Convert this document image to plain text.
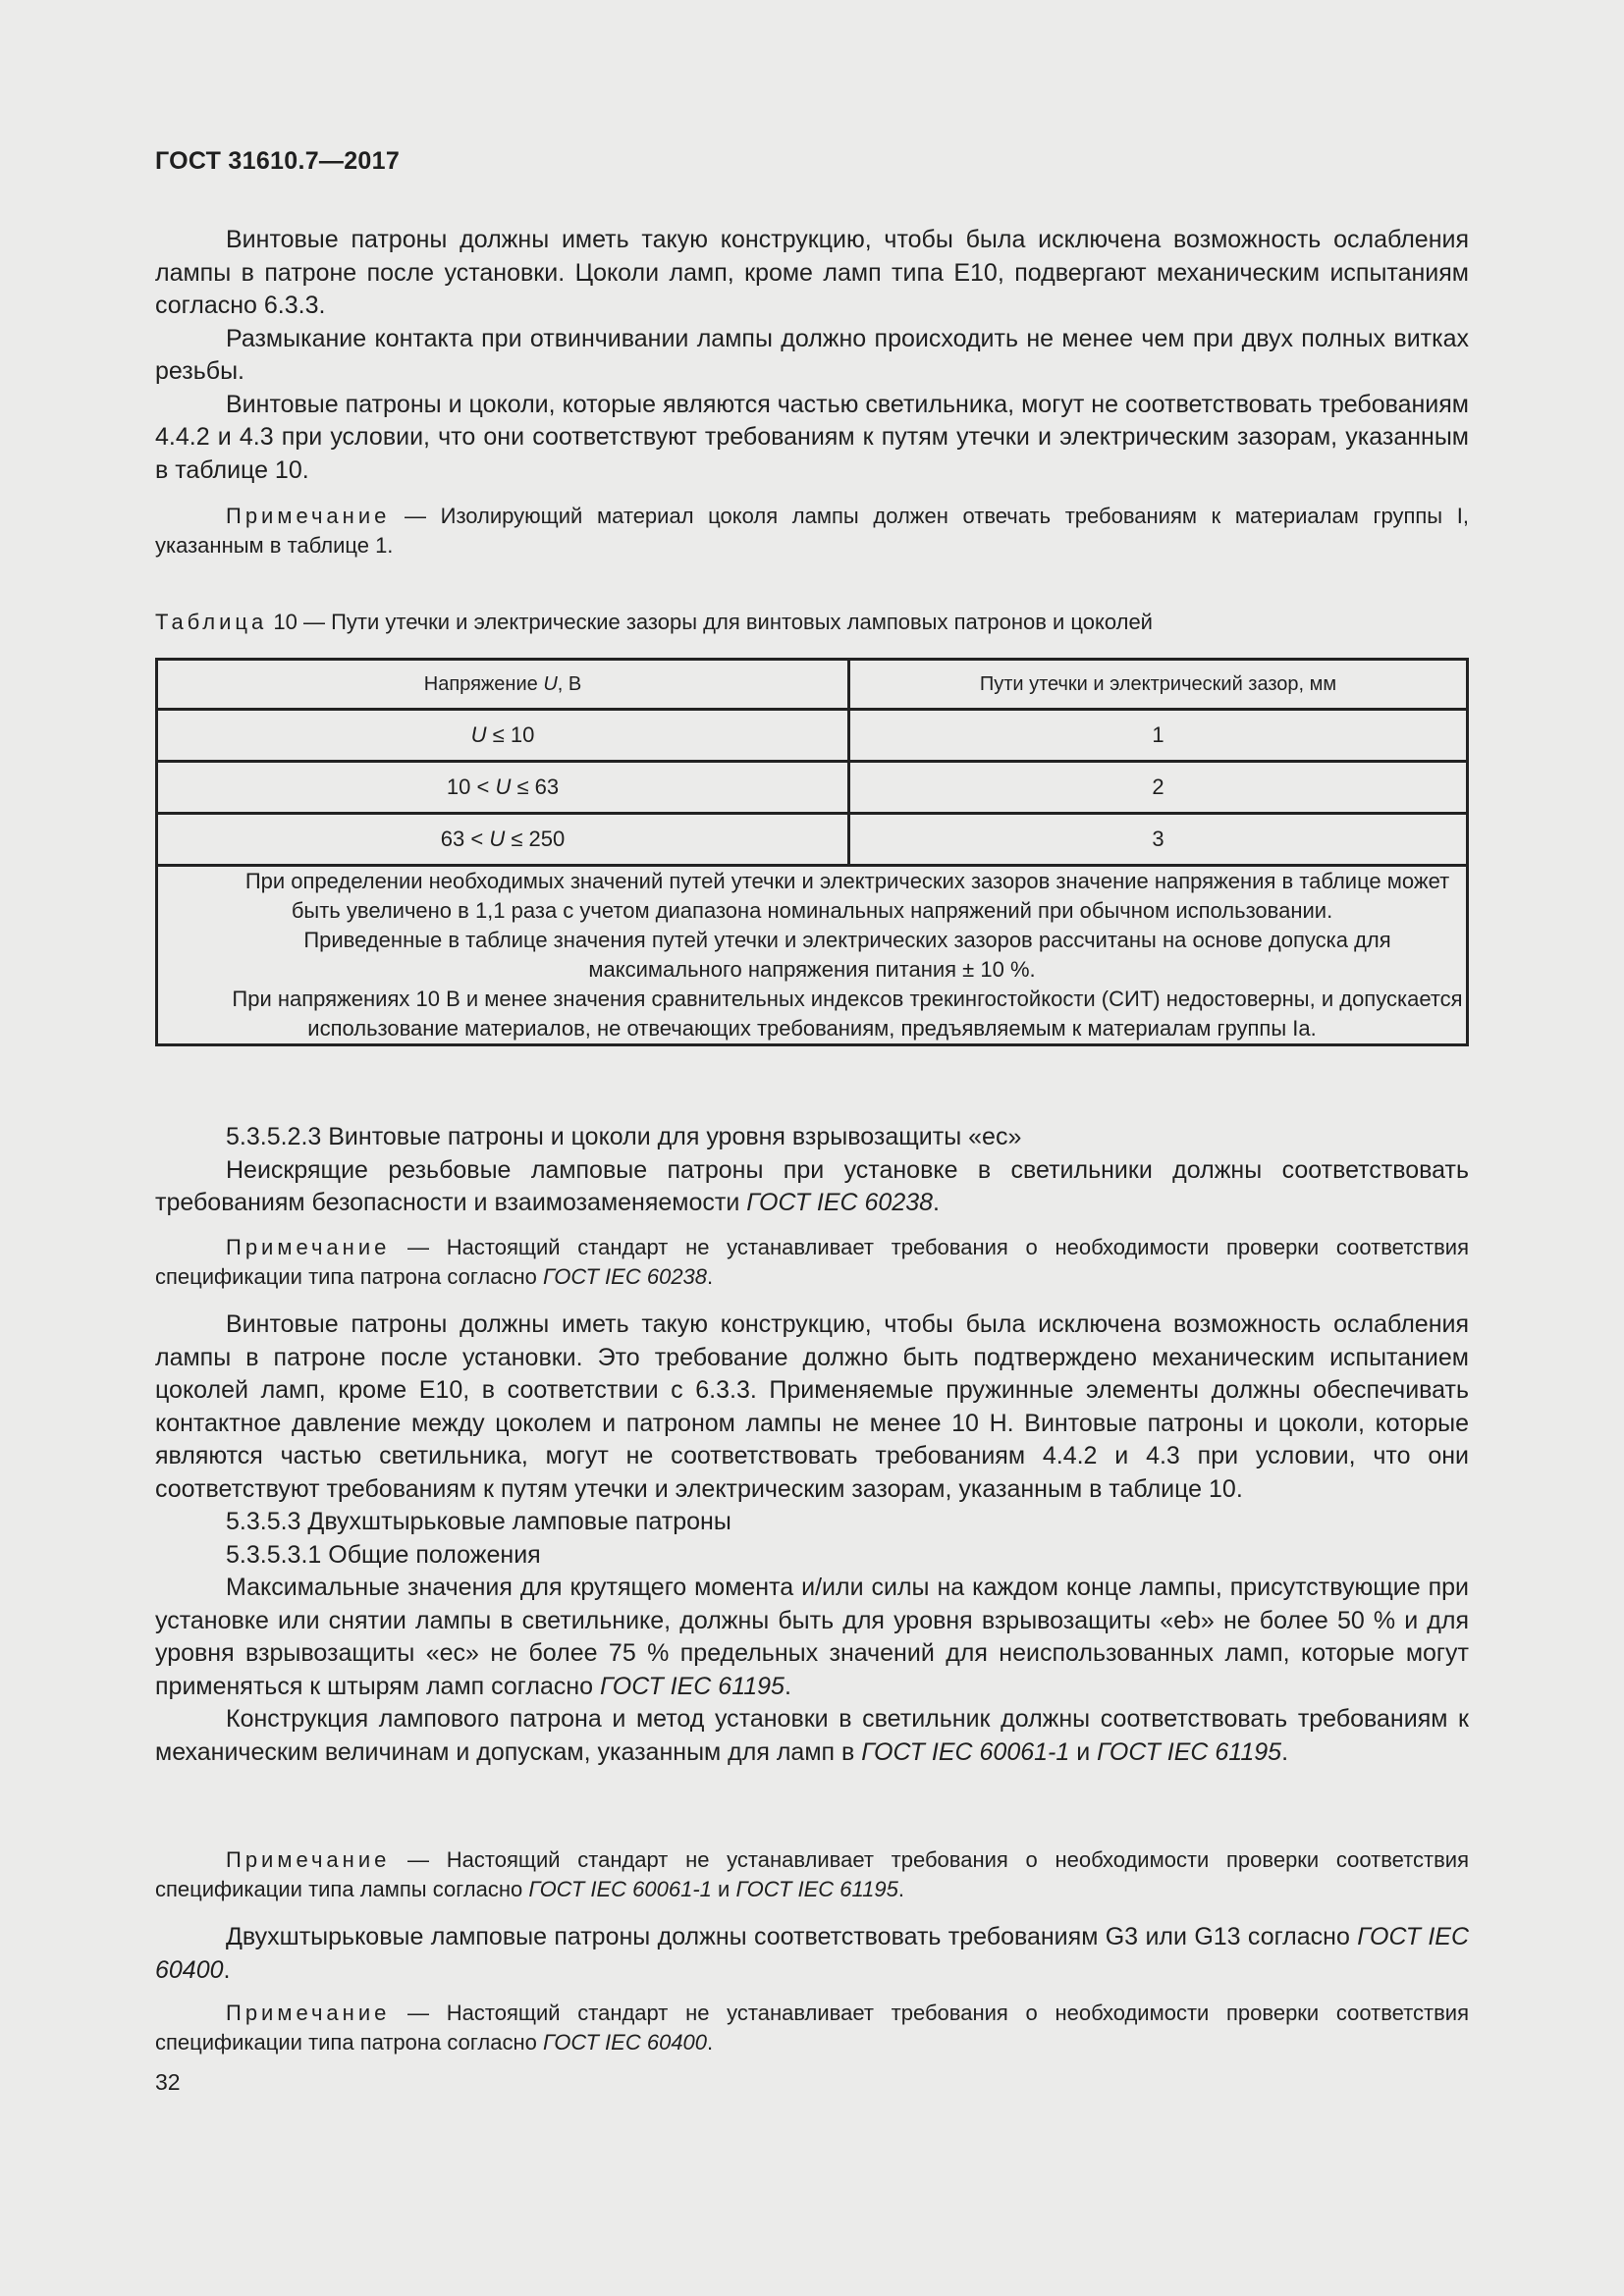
ГОСТ 31610.7—2017

Винтовые патроны должны иметь такую конструкцию, чтобы была исключена возможность ослабления лампы в патроне после установки. Цоколи ламп, кроме ламп типа Е10, подвергают механическим испытаниям согласно 6.3.3.

Размыкание контакта при отвинчивании лампы должно происходить не менее чем при двух полных витках резьбы.

Винтовые патроны и цоколи, которые являются частью светильника, могут не соответствовать требованиям 4.4.2 и 4.3 при условии, что они соответствуют требованиям к путям утечки и электрическим зазорам, указанным в таблице 10.

Примечание — Изолирующий материал цоколя лампы должен отвечать требованиям к материалам группы I, указанным в таблице 1.

Таблица 10 — Пути утечки и электрические зазоры для винтовых ламповых патронов и цоколей

Напряжение U, В	Пути утечки и электрический зазор, мм
U ≤ 10	1
10 < U ≤ 63	2
63 < U ≤ 250	3

При определении необходимых значений путей утечки и электрических зазоров значение напряжения в таблице может быть увеличено в 1,1 раза с учетом диапазона номинальных напряжений при обычном использовании.

Приведенные в таблице значения путей утечки и электрических зазоров рассчитаны на основе допуска для максимального напряжения питания ± 10 %.

При напряжениях 10 В и менее значения сравнительных индексов трекингостойкости (СИТ) недостоверны, и допускается использование материалов, не отвечающих требованиям, предъявляемым к материалам группы Ia.	

5.3.5.2.3 Винтовые патроны и цоколи для уровня взрывозащиты «ес»

Неискрящие резьбовые ламповые патроны при установке в светильники должны соответствовать требованиям безопасности и взаимозаменяемости ГОСТ IEC 60238.

Примечание — Настоящий стандарт не устанавливает требования о необходимости проверки соответствия спецификации типа патрона согласно ГОСТ IEC 60238.

Винтовые патроны должны иметь такую конструкцию, чтобы была исключена возможность ослабления лампы в патроне после установки. Это требование должно быть подтверждено механическим испытанием цоколей ламп, кроме Е10, в соответствии с 6.3.3. Применяемые пружинные элементы должны обеспечивать контактное давление между цоколем и патроном лампы не менее 10 Н. Винтовые патроны и цоколи, которые являются частью светильника, могут не соответствовать требованиям 4.4.2 и 4.3 при условии, что они соответствуют требованиям к путям утечки и электрическим зазорам, указанным в таблице 10.

5.3.5.3 Двухштырьковые ламповые патроны

5.3.5.3.1 Общие положения

Максимальные значения для крутящего момента и/или силы на каждом конце лампы, присутствующие при установке или снятии лампы в светильнике, должны быть для уровня взрывозащиты «eb» не более 50 % и для уровня взрывозащиты «ес» не более 75 % предельных значений для неиспользованных ламп, которые могут применяться к штырям ламп согласно ГОСТ IEC 61195.

Конструкция лампового патрона и метод установки в светильник должны соответствовать требованиям к механическим величинам и допускам, указанным для ламп в ГОСТ IEC 60061-1 и ГОСТ IEC 61195.

Примечание — Настоящий стандарт не устанавливает требования о необходимости проверки соответствия спецификации типа лампы согласно ГОСТ IEC 60061-1 и ГОСТ IEC 61195.

Двухштырьковые ламповые патроны должны соответствовать требованиям G3 или G13 согласно ГОСТ IEC 60400.

Примечание — Настоящий стандарт не устанавливает требования о необходимости проверки соответствия спецификации типа патрона согласно ГОСТ IEC 60400.

32
